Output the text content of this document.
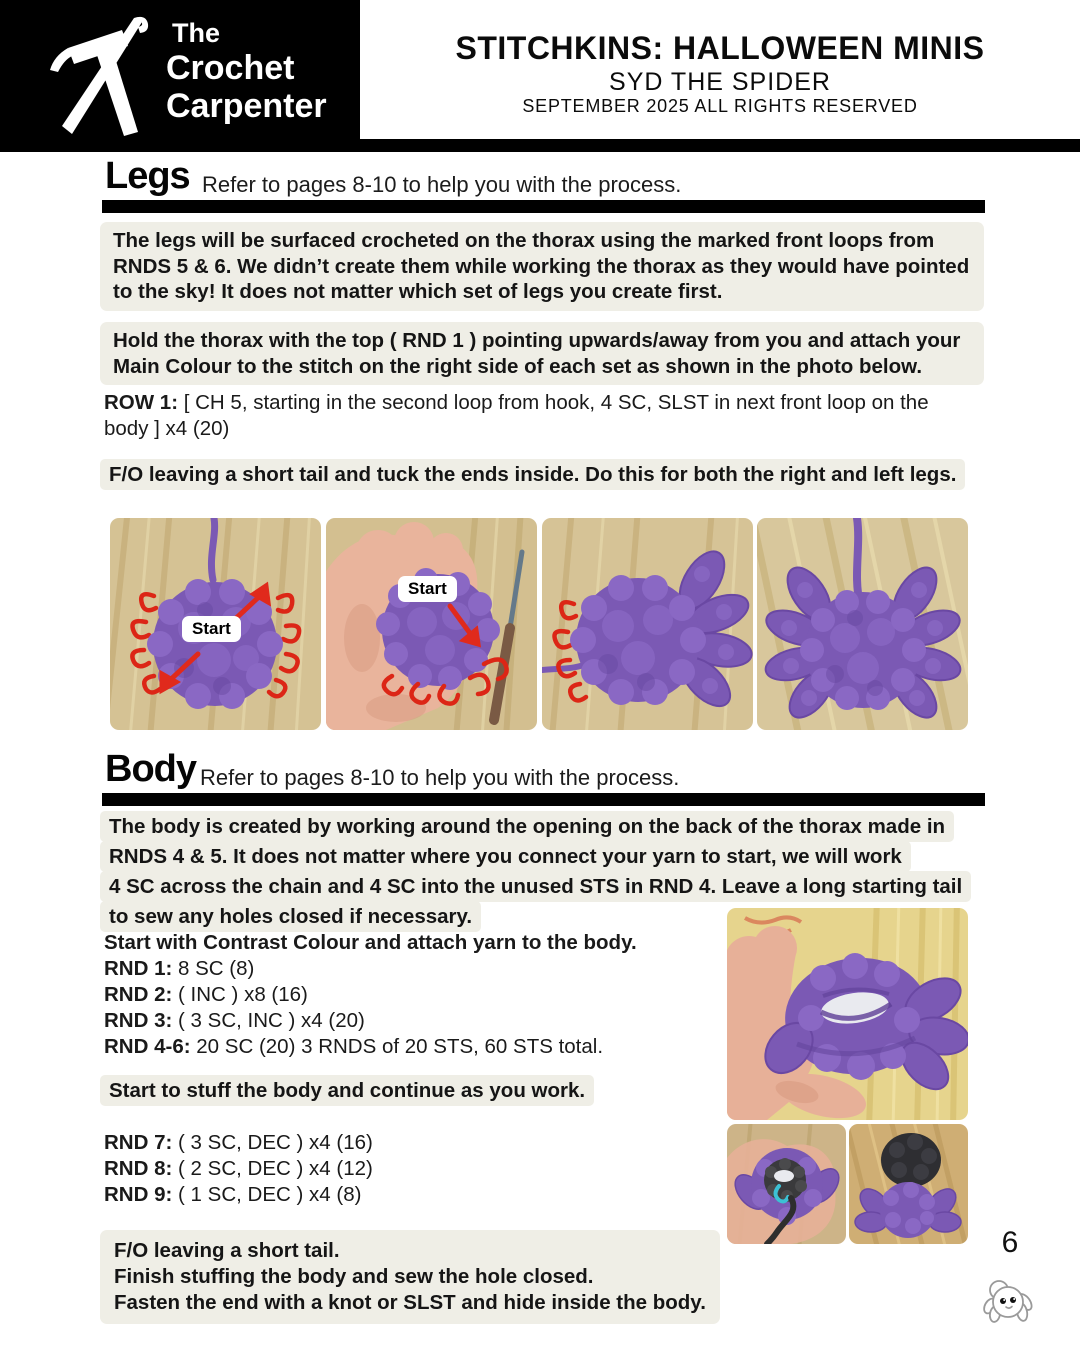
STITCHKINS: HALLOWEEN MINIS
SYD THE SPIDER
SEPTEMBER 2025 ALL RIGHTS RESERVED
The
Crochet
Carpenter
Legs Refer to pages 8-10 to help you with the process.
The legs will be surfaced crocheted on the thorax using the marked front loops from
RNDS 5 & 6. We didn’t create them while working the thorax as they would have pointed
to the sky! It does not matter which set of legs you create first.
Hold the thorax with the top ( RND 1 ) pointing upwards/away from you and attach your
Main Colour to the stitch on the right side of each set as shown in the photo below.
ROW 1: [ CH 5, starting in the second loop from hook, 4 SC, SLST in next front loop on the body ] x4 (20)
F/O leaving a short tail and tuck the ends inside. Do this for both the right and left legs.
Start
Start
Body Refer to pages 8-10 to help you with the process.
The body is created by working around the opening on the back of the thorax made in
RNDS 4 & 5. It does not matter where you connect your yarn to start, we will work
4 SC across the chain and 4 SC into the unused STS in RND 4. Leave a long starting tail
to sew any holes closed if necessary.
Start with Contrast Colour and attach yarn to the body.
RND 1: 8 SC (8)
RND 2: ( INC ) x8 (16)
RND 3: ( 3 SC, INC ) x4 (20)
RND 4-6: 20 SC (20) 3 RNDS of 20 STS, 60 STS total.
Start to stuff the body and continue as you work.
RND 7: ( 3 SC, DEC ) x4 (16)
RND 8: ( 2 SC, DEC ) x4 (12)
RND 9: ( 1 SC, DEC ) x4 (8)
F/O leaving a short tail.
Finish stuffing the body and sew the hole closed.
Fasten the end with a knot or SLST and hide inside the body.
6
